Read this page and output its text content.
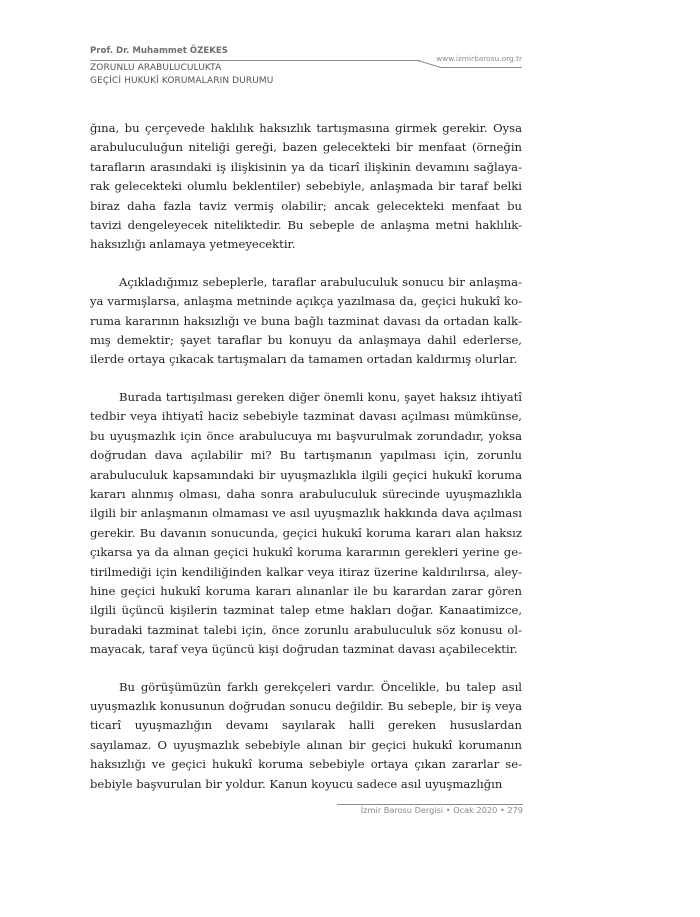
Prof. Dr. Muhammet ÖZEKES
www.izmirbarosu.org.tr
ZORUNLU ARABULUCULUKTA
GEÇİCİ HUKUKÎ KORUMALARIN DURUMU

ğına, bu çerçevede haklılık haksızlık tartışmasına girmek gerekir. Oysa arabuluculuğun niteliği gereği, bazen gelecekteki bir menfaat (örneğin tarafların arasındaki iş ilişkisinin ya da ticarî ilişkinin devamını sağlayarak gelecekteki olumlu beklentiler) sebebiyle, anlaşmada bir taraf belki biraz daha fazla taviz vermiş olabilir; ancak gelecekteki menfaat bu tavizi dengeleyecek niteliktedir. Bu sebeple de anlaşma metni haklılık- haksızlığı anlamaya yetmeyecektir.

Açıkladığımız sebeplerle, taraflar arabuluculuk sonucu bir anlaşmaya varmışlarsa, anlaşma metninde açıkça yazılmasa da, geçici hukukî koruma kararının haksızlığı ve buna bağlı tazminat davası da ortadan kalkmış demektir; şayet taraflar bu konuyu da anlaşmaya dahil ederlerse, ilerde ortaya çıkacak tartışmaları da tamamen ortadan kaldırmış olurlar.

Burada tartışılması gereken diğer önemli konu, şayet haksız ihtiyatî tedbir veya ihtiyatî haciz sebebiyle tazminat davası açılması mümkünse, bu uyuşmazlık için önce arabulucuya mı başvurulmak zorundadır, yoksa doğrudan dava açılabilir mi? Bu tartışmanın yapılması için, zorunlu arabuluculuk kapsamındaki bir uyuşmazlıkla ilgili geçici hukukî koruma kararı alınmış olması, daha sonra arabuluculuk sürecinde uyuşmazlıkla ilgili bir anlaşmanın olmaması ve asıl uyuşmazlık hakkında dava açılması gerekir. Bu davanın sonucunda, geçici hukukî koruma kararı alan haksız çıkarsa ya da alınan geçici hukukî koruma kararının gerekleri yerine getirilmediği için kendiliğinden kalkar veya itiraz üzerine kaldırılırsa, aleyhine geçici hukukî koruma kararı alınanlar ile bu karardan zarar gören ilgili üçüncü kişilerin tazminat talep etme hakları doğar. Kanaatimizce, buradaki tazminat talebi için, önce zorunlu arabuluculuk söz konusu olmayacak, taraf veya üçüncü kişi doğrudan tazminat davası açabilecektir.

Bu görüşümüzün farklı gerekçeleri vardır. Öncelikle, bu talep asıl uyuşmazlık konusunun doğrudan sonucu değildir. Bu sebeple, bir iş veya ticarî uyuşmazlığın devamı sayılarak halli gereken hususlardan sayılamaz. O uyuşmazlık sebebiyle alınan bir geçici hukukî korumanın haksızlığı ve geçici hukukî koruma sebebiyle ortaya çıkan zararlar sebebiyle başvurulan bir yoldur. Kanun koyucu sadece asıl uyuşmazlığın

İzmir Barosu Dergisi • Ocak 2020 • 279
